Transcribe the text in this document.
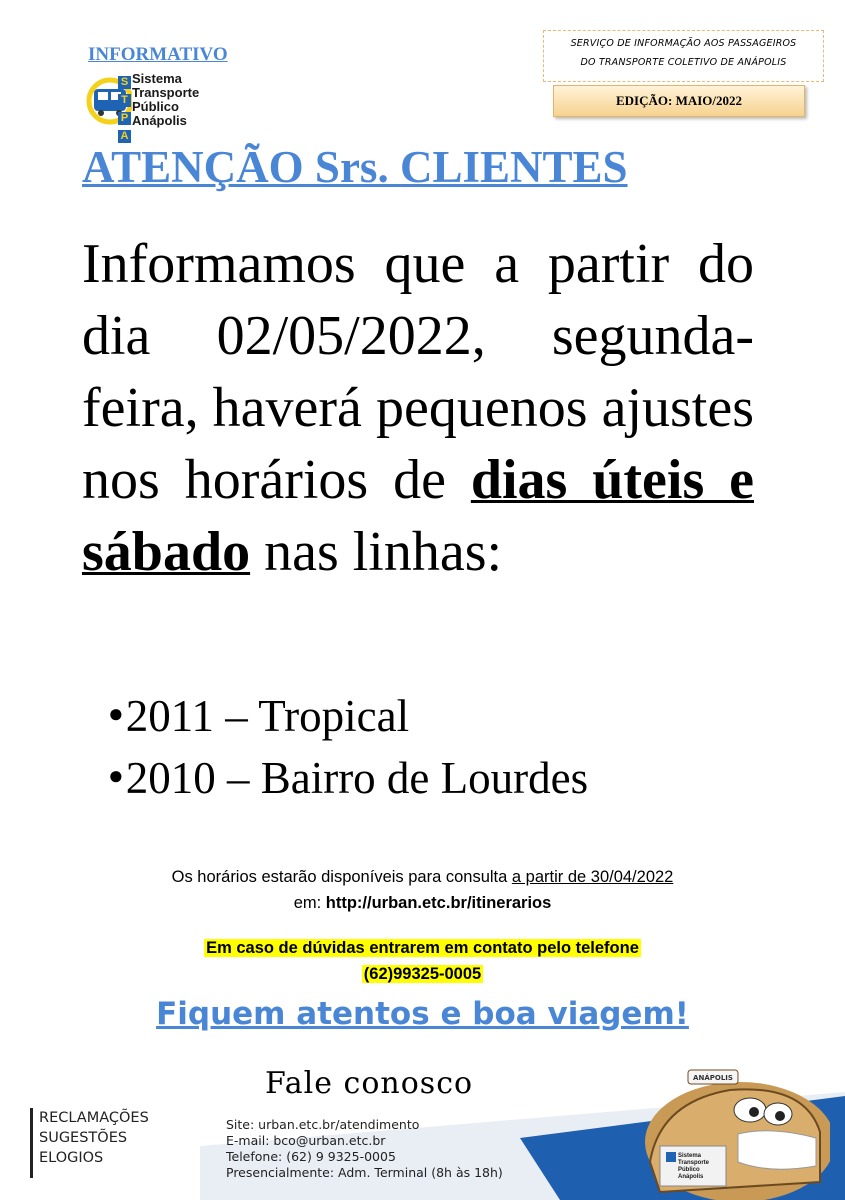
INFORMATIVO
S T P A
Sistema
Transporte
Público
Anápolis
SERVIÇO DE INFORMAÇÃO AOS PASSAGEIROS
DO TRANSPORTE COLETIVO DE ANÁPOLIS
EDIÇÃO: MAIO/2022
ATENÇÃO Srs. CLIENTES
Informamos que a partir do dia 02/05/2022, segunda-feira, haverá pequenos ajustes nos horários de dias úteis e sábado nas linhas:
●2011 – Tropical
●2010 – Bairro de Lourdes
Os horários estarão disponíveis para consulta a partir de 30/04/2022
em: http://urban.etc.br/itinerarios
Em caso de dúvidas entrarem em contato pelo telefone
(62)99325-0005
Fiquem atentos e boa viagem!
Fale conosco
RECLAMAÇÕES
SUGESTÕES
ELOGIOS
Site: urban.etc.br/atendimento
E-mail: bco@urban.etc.br
Telefone: (62) 9 9325-0005
Presencialmente: Adm. Terminal (8h às 18h)
ANÁPOLIS
Sistema
Transporte
Público
Anápolis
